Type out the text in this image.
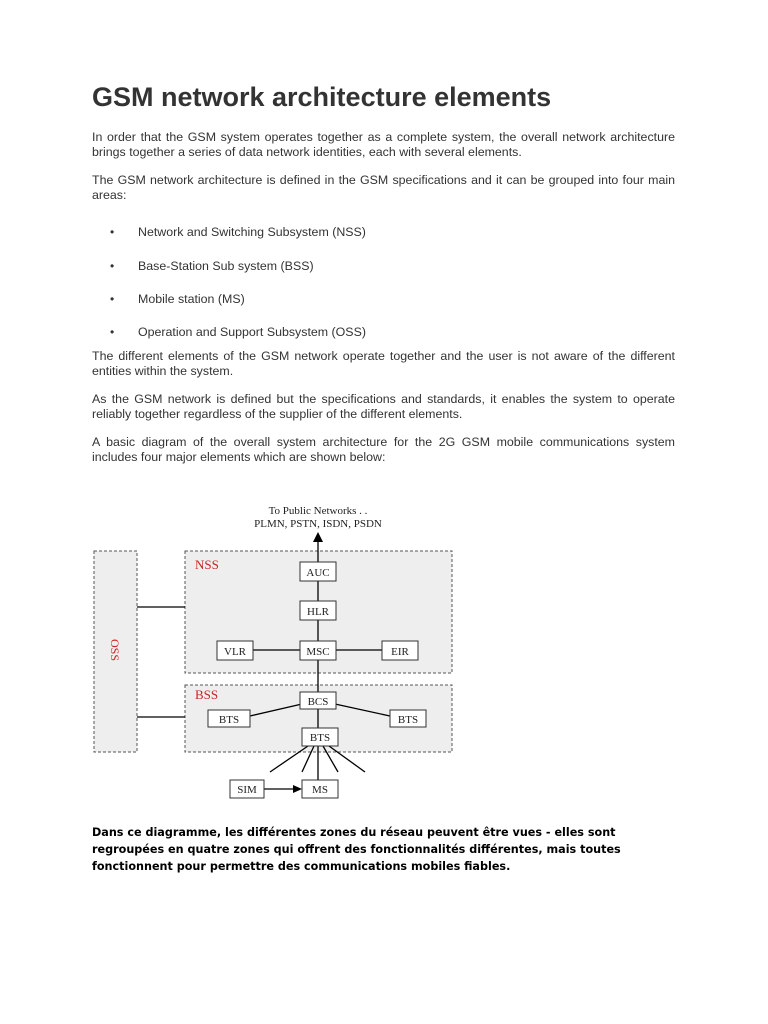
GSM network architecture elements

In order that the GSM system operates together as a complete system, the overall network architecture brings together a series of data network identities, each with several elements.

The GSM network architecture is defined in the GSM specifications and it can be grouped into four main areas:

• Network and Switching Subsystem (NSS)
• Base-Station Sub system (BSS)
• Mobile station (MS)
• Operation and Support Subsystem (OSS)

The different elements of the GSM network operate together and the user is not aware of the different entities within the system.

As the GSM network is defined but the specifications and standards, it enables the system to operate reliably together regardless of the supplier of the different elements.

A basic diagram of the overall system architecture for the 2G GSM mobile communications system includes four major elements which are shown below:

NSS
BSS
OSS
To Public Networks . .
PLMN, PSTN, ISDN, PSDN
AUC
HLR
VLR	MSC	EIR
BCS
BTS	BTS
BTS
SIM	MS

Dans ce diagramme, les différentes zones du réseau peuvent être vues - elles sont regroupées en quatre zones qui offrent des fonctionnalités différentes, mais toutes fonctionnent pour permettre des communications mobiles fiables.
